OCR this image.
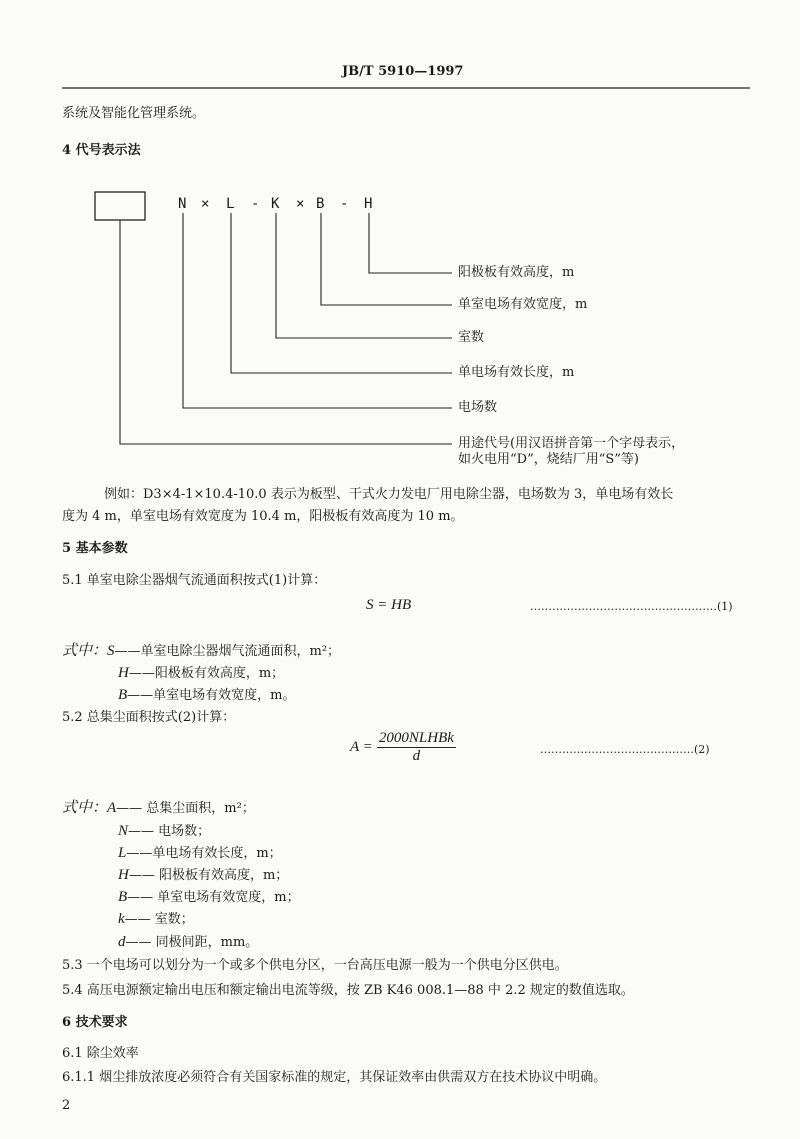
JB/T 5910—1997
系统及智能化管理系统。
4 代号表示法
N × L - K × B - H
阳极板有效高度，m
单室电场有效宽度，m
室数
单电场有效长度，m
电场数
用途代号(用汉语拼音第一个字母表示，
如火电用“D”，烧结厂用“S”等)
例如：D3×4-1×10.4-10.0 表示为板型、干式火力发电厂用电除尘器，电场数为 3，单电场有效长
度为 4 m，单室电场有效宽度为 10.4 m，阳极板有效高度为 10 m。
5 基本参数
5.1 单室电除尘器烟气流通面积按式(1)计算：
S = HB	……………………………………………(1)
式中：S——单室电除尘器烟气流通面积，m²；
H——阳极板有效高度，m；
B——单室电场有效宽度，m。
5.2 总集尘面积按式(2)计算：
$A = \frac{\text{2000NLHBk}}{d}$	……………………………………(2)
式中：A—— 总集尘面积，m²；
N—— 电场数；
L——单电场有效长度，m；
H—— 阳极板有效高度，m；
B—— 单室电场有效宽度，m；
k—— 室数；
d—— 同极间距，mm。
5.3 一个电场可以划分为一个或多个供电分区，一台高压电源一般为一个供电分区供电。
5.4 高压电源额定输出电压和额定输出电流等级，按 ZB K46 008.1—88 中 2.2 规定的数值选取。
6 技术要求
6.1 除尘效率
6.1.1 烟尘排放浓度必须符合有关国家标准的规定，其保证效率由供需双方在技术协议中明确。
2
